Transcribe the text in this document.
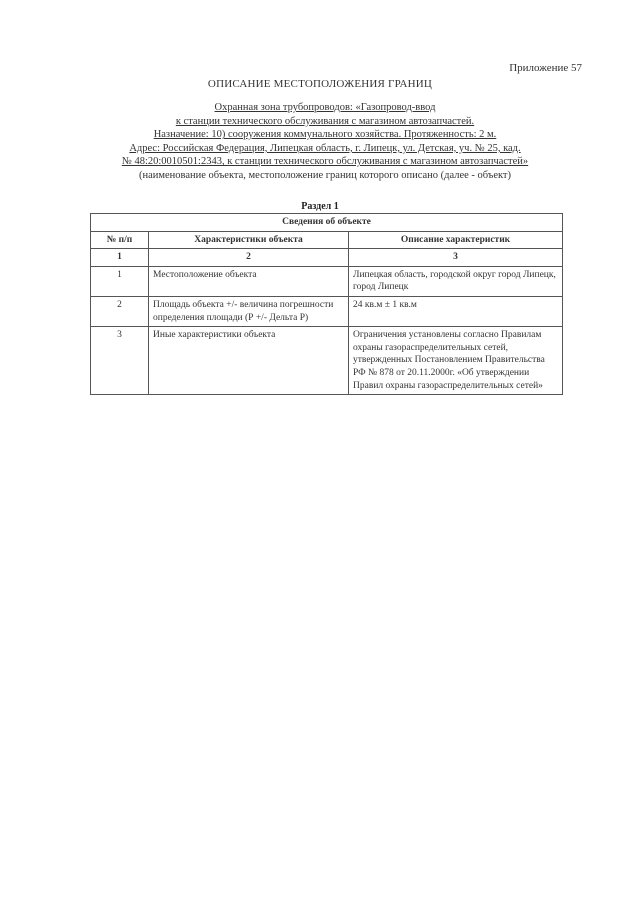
Приложение 57
ОПИСАНИЕ МЕСТОПОЛОЖЕНИЯ ГРАНИЦ
Охранная зона трубопроводов: «Газопровод-ввод
к станции технического обслуживания с магазином автозапчастей.
Назначение: 10) сооружения коммунального хозяйства. Протяженность: 2 м.
Адрес: Российская Федерация, Липецкая область, г. Липецк, ул. Детская, уч. № 25, кад.
№ 48:20:0010501:2343, к станции технического обслуживания с магазином автозапчастей»
(наименование объекта, местоположение границ которого описано (далее - объект)
Раздел 1
Сведения об объекте		
№ п/п	Характеристики объекта	Описание характеристик
1	2	3
1	Местоположение объекта	Липецкая область, городской округ город Липецк, город Липецк
2	Площадь объекта +/- величина погрешности определения площади (Р +/- Дельта Р)	24 кв.м ± 1 кв.м
3	Иные характеристики объекта	Ограничения установлены согласно Правилам охраны газораспределительных сетей, утвержденных Постановлением Правительства РФ № 878 от 20.11.2000г. «Об утверждении Правил охраны газораспределительных сетей»
